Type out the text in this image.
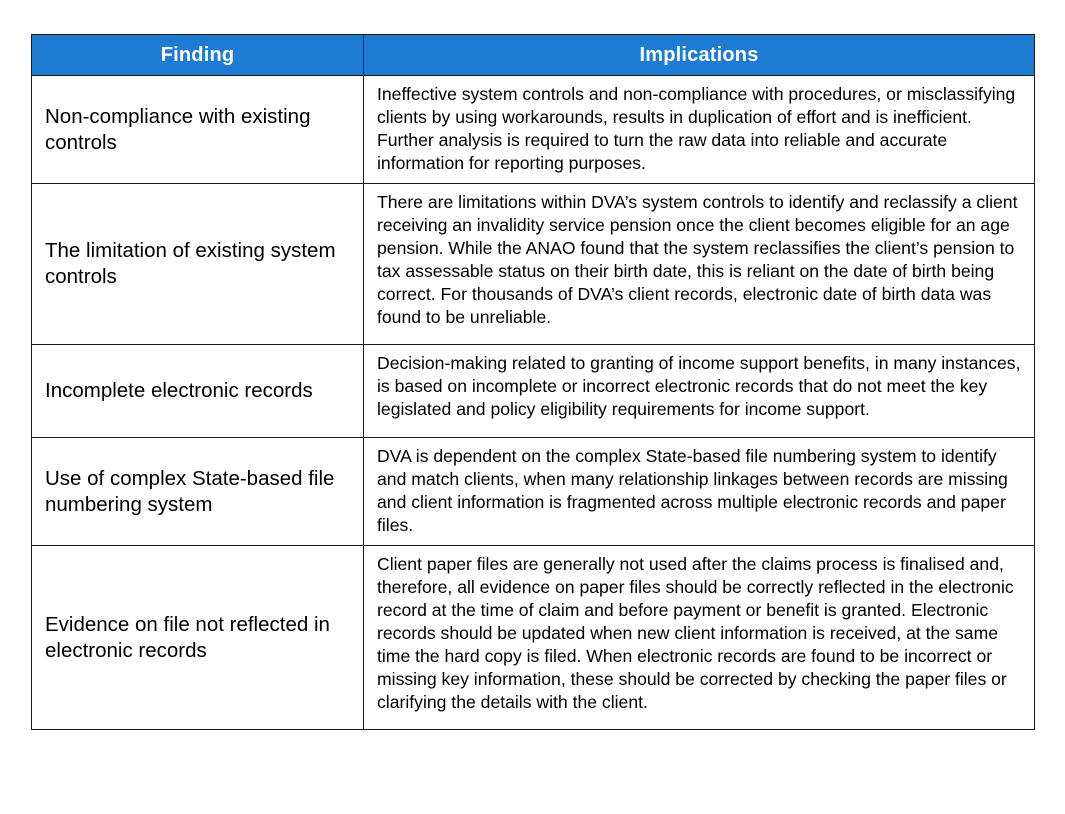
Finding	Implications
Non-compliance with existing controls	Ineffective system controls and non-compliance with procedures, or misclassifying clients by using workarounds, results in duplication of effort and is inefficient. Further analysis is required to turn the raw data into reliable and accurate information for reporting purposes.
The limitation of existing system controls	There are limitations within DVA’s system controls to identify and reclassify a client receiving an invalidity service pension once the client becomes eligible for an age pension. While the ANAO found that the system reclassifies the client’s pension to tax assessable status on their birth date, this is reliant on the date of birth being correct. For thousands of DVA’s client records, electronic date of birth data was found to be unreliable.
Incomplete electronic records	Decision-making related to granting of income support benefits, in many instances, is based on incomplete or incorrect electronic records that do not meet the key legislated and policy eligibility requirements for income support.
Use of complex State-based file numbering system	DVA is dependent on the complex State-based file numbering system to identify and match clients, when many relationship linkages between records are missing and client information is fragmented across multiple electronic records and paper files.
Evidence on file not reflected in electronic records	Client paper files are generally not used after the claims process is finalised and, therefore, all evidence on paper files should be correctly reflected in the electronic record at the time of claim and before payment or benefit is granted. Electronic records should be updated when new client information is received, at the same time the hard copy is filed. When electronic records are found to be incorrect or missing key information, these should be corrected by checking the paper files or clarifying the details with the client.
